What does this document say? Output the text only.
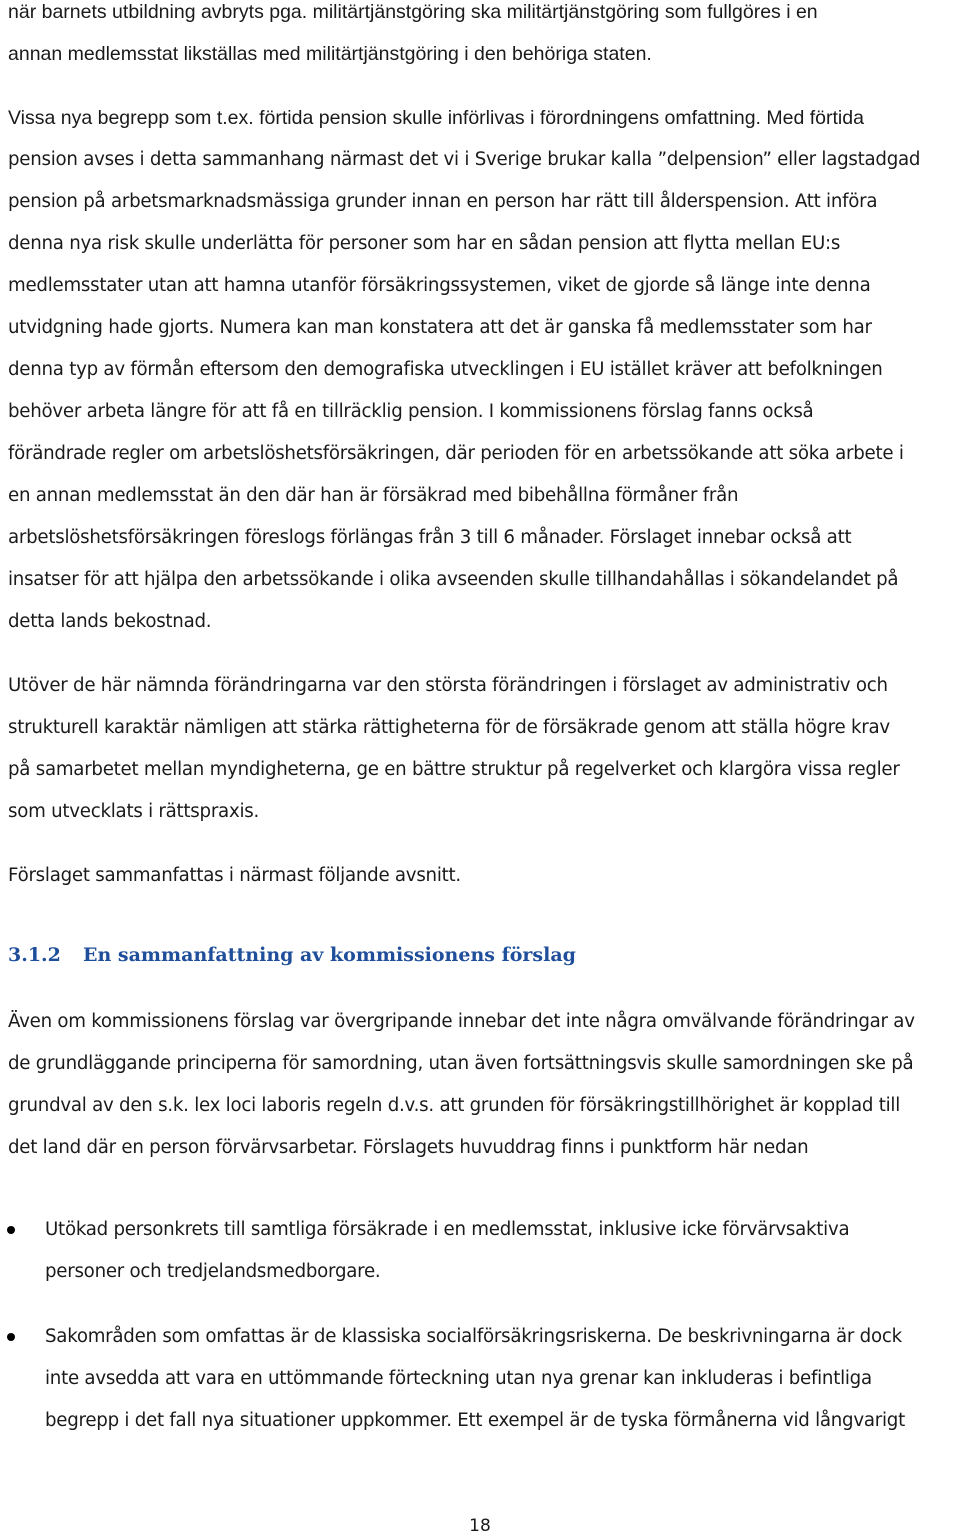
när barnets utbildning avbryts pga. militärtjänstgöring ska militärtjänstgöring som fullgöres i en
annan medlemsstat likställas med militärtjänstgöring i den behöriga staten.
Vissa nya begrepp som t.ex. förtida pension skulle införlivas i förordningens omfattning. Med förtida
pension avses i detta sammanhang närmast det vi i Sverige brukar kalla ”delpension” eller lagstadgad
pension på arbetsmarknadsmässiga grunder innan en person har rätt till ålderspension. Att införa
denna nya risk skulle underlätta för personer som har en sådan pension att flytta mellan EU:s
medlemsstater utan att hamna utanför försäkringssystemen, viket de gjorde så länge inte denna
utvidgning hade gjorts. Numera kan man konstatera att det är ganska få medlemsstater som har
denna typ av förmån eftersom den demografiska utvecklingen i EU istället kräver att befolkningen
behöver arbeta längre för att få en tillräcklig pension. I kommissionens förslag fanns också
förändrade regler om arbetslöshetsförsäkringen, där perioden för en arbetssökande att söka arbete i
en annan medlemsstat än den där han är försäkrad med bibehållna förmåner från
arbetslöshetsförsäkringen föreslogs förlängas från 3 till 6 månader. Förslaget innebar också att
insatser för att hjälpa den arbetssökande i olika avseenden skulle tillhandahållas i sökandelandet på
detta lands bekostnad.
Utöver de här nämnda förändringarna var den största förändringen i förslaget av administrativ och
strukturell karaktär nämligen att stärka rättigheterna för de försäkrade genom att ställa högre krav
på samarbetet mellan myndigheterna, ge en bättre struktur på regelverket och klargöra vissa regler
som utvecklats i rättspraxis.
Förslaget sammanfattas i närmast följande avsnitt.
3.1.2 En sammanfattning av kommissionens förslag
Även om kommissionens förslag var övergripande innebar det inte några omvälvande förändringar av
de grundläggande principerna för samordning, utan även fortsättningsvis skulle samordningen ske på
grundval av den s.k. lex loci laboris regeln d.v.s. att grunden för försäkringstillhörighet är kopplad till
det land där en person förvärvsarbetar. Förslagets huvuddrag finns i punktform här nedan
Utökad personkrets till samtliga försäkrade i en medlemsstat, inklusive icke förvärvsaktiva
personer och tredjelandsmedborgare.
Sakområden som omfattas är de klassiska socialförsäkringsriskerna. De beskrivningarna är dock
inte avsedda att vara en uttömmande förteckning utan nya grenar kan inkluderas i befintliga
begrepp i det fall nya situationer uppkommer. Ett exempel är de tyska förmånerna vid långvarigt
18
